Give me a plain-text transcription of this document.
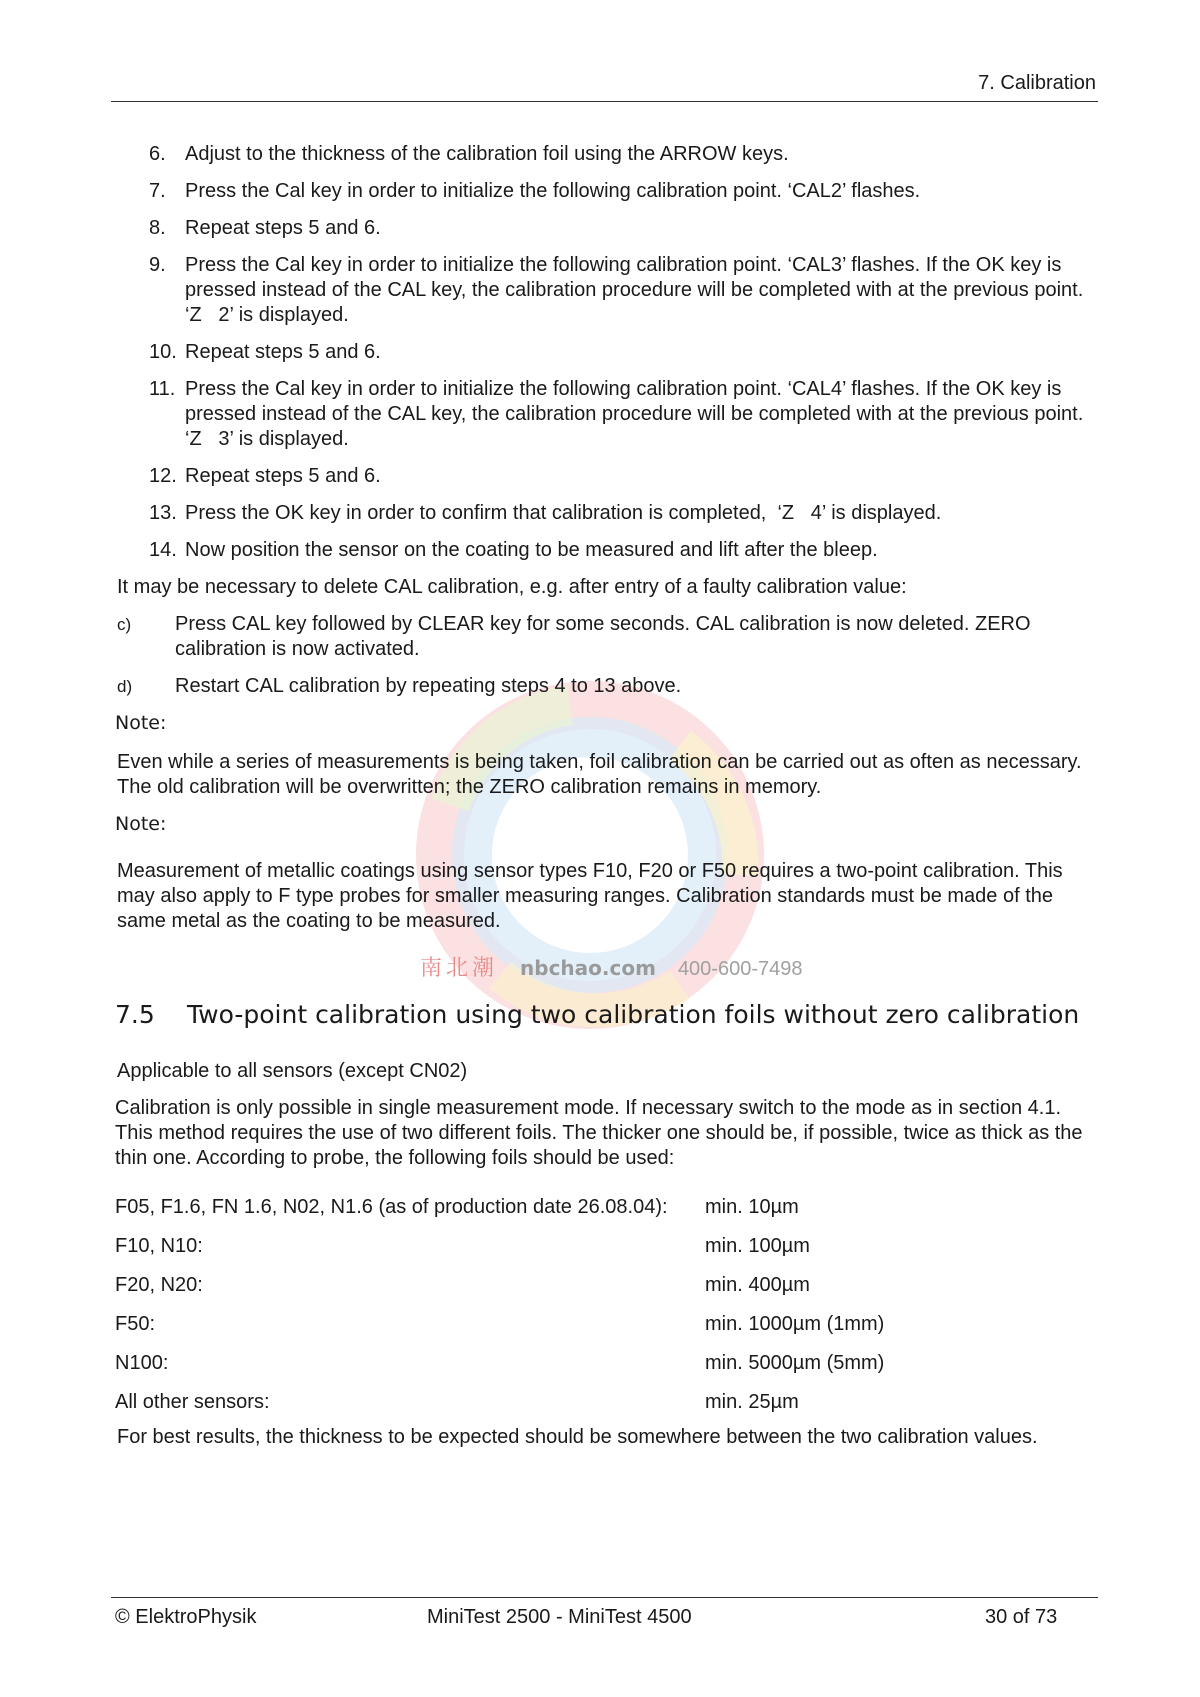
南北潮 nbchao.com 400-600-7498
7. Calibration
6. Adjust to the thickness of the calibration foil using the ARROW keys.
7. Press the Cal key in order to initialize the following calibration point. ‘CAL2’ flashes.
8. Repeat steps 5 and 6.
9. Press the Cal key in order to initialize the following calibration point. ‘CAL3’ flashes. If the OK key is pressed instead of the CAL key, the calibration procedure will be completed with at the previous point. ‘Z   2’ is displayed.
10. Repeat steps 5 and 6.
11. Press the Cal key in order to initialize the following calibration point. ‘CAL4’ flashes. If the OK key is pressed instead of the CAL key, the calibration procedure will be completed with at the previous point. ‘Z   3’ is displayed.
12. Repeat steps 5 and 6.
13. Press the OK key in order to confirm that calibration is completed,  ‘Z   4’ is displayed.
14. Now position the sensor on the coating to be measured and lift after the bleep.

It may be necessary to delete CAL calibration, e.g. after entry of a faulty calibration value:

c)	Press CAL key followed by CLEAR key for some seconds. CAL calibration is now deleted. ZERO calibration is now activated.
d)	Restart CAL calibration by repeating steps 4 to 13 above.
Note:

Even while a series of measurements is being taken, foil calibration can be carried out as often as necessary. The old calibration will be overwritten; the ZERO calibration remains in memory.

Note:

Measurement of metallic coatings using sensor types F10, F20 or F50 requires a two-point calibration. This may also apply to F type probes for smaller measuring ranges. Calibration standards must be made of the same metal as the coating to be measured.

7.5 Two-point calibration using two calibration foils without zero calibration

Applicable to all sensors (except CN02)

Calibration is only possible in single measurement mode. If necessary switch to the mode as in section 4.1. This method requires the use of two different foils. The thicker one should be, if possible, twice as thick as the thin one. According to probe, the following foils should be used:

F05, F1.6, FN 1.6, N02, N1.6 (as of production date 26.08.04):	min. 10µm
F10, N10:	min. 100µm
F20, N20:	min. 400µm
F50:	min. 1000µm (1mm)
N100:	min. 5000µm (5mm)
All other sensors:	min. 25µm

For best results, the thickness to be expected should be somewhere between the two calibration values.

© ElektroPhysik	MiniTest 2500 - MiniTest 4500	30 of 73
